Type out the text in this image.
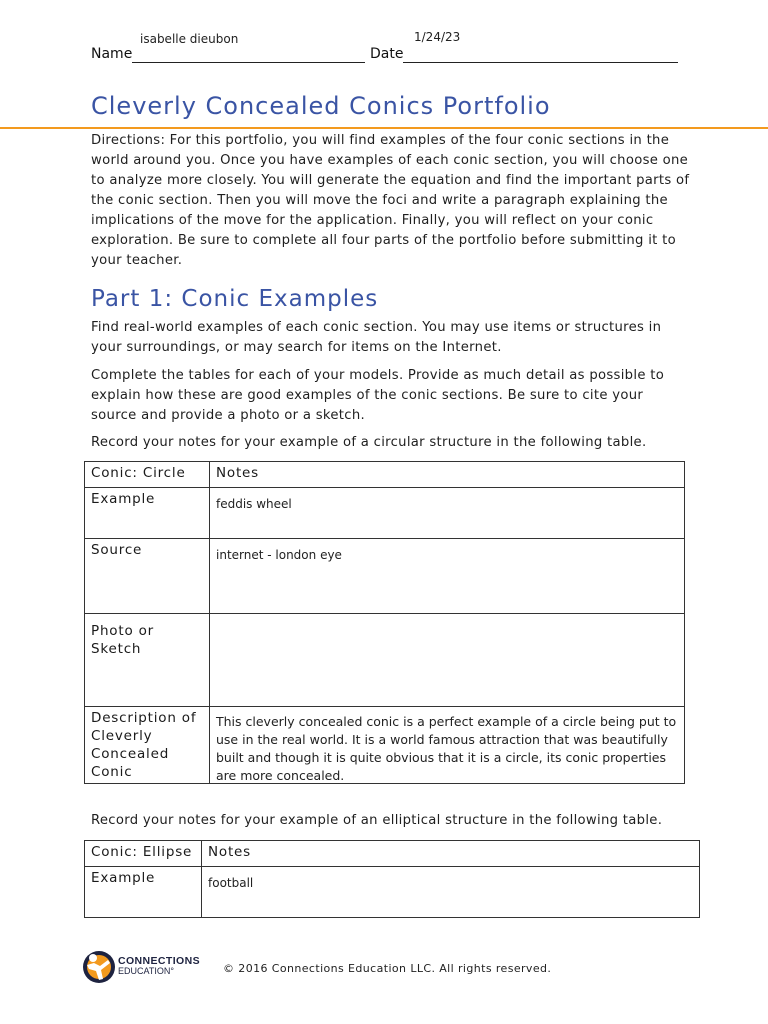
isabelle dieubon	1/24/23
Name	Date
Cleverly Concealed Conics Portfolio

Directions: For this portfolio, you will find examples of the four conic sections in the world around you. Once you have examples of each conic section, you will choose one to analyze more closely. You will generate the equation and find the important parts of the conic section. Then you will move the foci and write a paragraph explaining the implications of the move for the application. Finally, you will reflect on your conic exploration. Be sure to complete all four parts of the portfolio before submitting it to your teacher.

Part 1: Conic Examples

Find real-world examples of each conic section. You may use items or structures in your surroundings, or may search for items on the Internet.

Complete the tables for each of your models. Provide as much detail as possible to explain how these are good examples of the conic sections. Be sure to cite your source and provide a photo or a sketch.

Record your notes for your example of a circular structure in the following table.

Conic: Circle	Notes
Example	feddis wheel

Source	internet - london eye

Photo or Sketch	

Description of Cleverly Concealed Conic	This cleverly concealed conic is a perfect example of a circle being put to use in the real world. It is a world famous attraction that was beautifully built and though it is quite obvious that it is a circle, its conic properties are more concealed.

Record your notes for your example of an elliptical structure in the following table.

Conic: Ellipse	Notes
Example	football
CONNECTIONS
EDUCATION°	© 2016 Connections Education LLC. All rights reserved.
